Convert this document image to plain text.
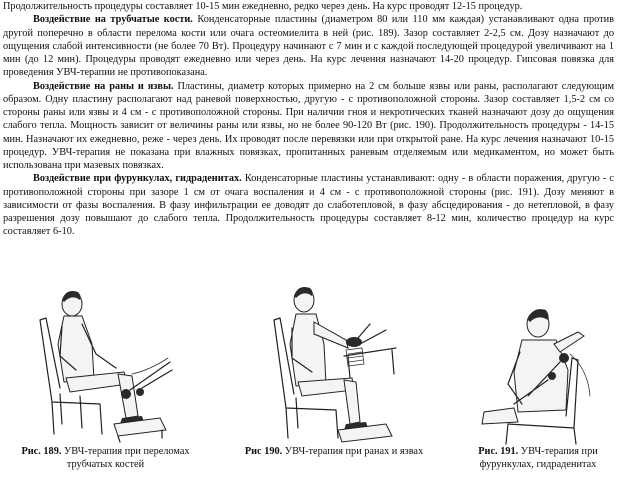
Продолжительность процедуры составляет 10-15 мин ежедневно, редко через день. На курс проводят 12-15 процедур.

Воздействие на трубчатые кости. Конденсаторные пластины (диаметром 80 или 110 мм каждая) устанавливают одна против другой поперечно в области перелома кости или очага остеомиелита в ней (рис. 189). Зазор составляет 2-2,5 см. Дозу назначают до ощущения слабой интенсивности (не более 70 Вт). Процедуру начинают с 7 мин и с каждой последующей процедурой увеличивают на 1 мин (до 12 мин). Процедуры проводят ежедневно или через день. На курс лечения назначают 14-20 процедур. Гипсовая повязка для проведения УВЧ-терапии не противопоказана.

Воздействие на раны и язвы. Пластины, диаметр которых примерно на 2 см больше язвы или раны, располагают следующим образом. Одну пластину располагают над раневой поверхностью, другую - с противоположной стороны. Зазор составляет 1,5-2 см со стороны раны или язвы и 4 см - с противоположной стороны. При наличии гноя и некротических тканей назначают дозу до ощущения слабого тепла. Мощность зависит от величины раны или язвы, но не более 90-120 Вт (рис. 190). Продолжительность процедуры - 14-15 мин. Назначают их ежедневно, реже - через день. Их проводят после перевязки или при открытой ране. На курс лечения назначают 10-15 процедур. УВЧ-терапия не показана при влажных повязках, пропитанных раневым отделяемым или медикаментом, но может быть использована при мазевых повязках.

Воздействие при фурункулах, гидраденитах. Конденсаторные пластины устанавливают: одну - в области поражения, другую - с противоположной стороны при зазоре 1 см от очага воспаления и 4 см - с противоположной стороны (рис. 191). Дозу меняют в зависимости от фазы воспаления. В фазу инфильтрации ее доводят до слаботепловой, в фазу абсцедирования - до нетепловой, в фазу разрешения дозу повышают до слабого тепла. Продолжительность процедуры составляет 8-12 мин, количество процедур на курс составляет 6-10.

Рис. 189. УВЧ-терапия при переломах трубчатых костей
Рис 190. УВЧ-терапия при ранах и язвах	Рис. 191. УВЧ-терапия при фурункулах, гидраденитах
